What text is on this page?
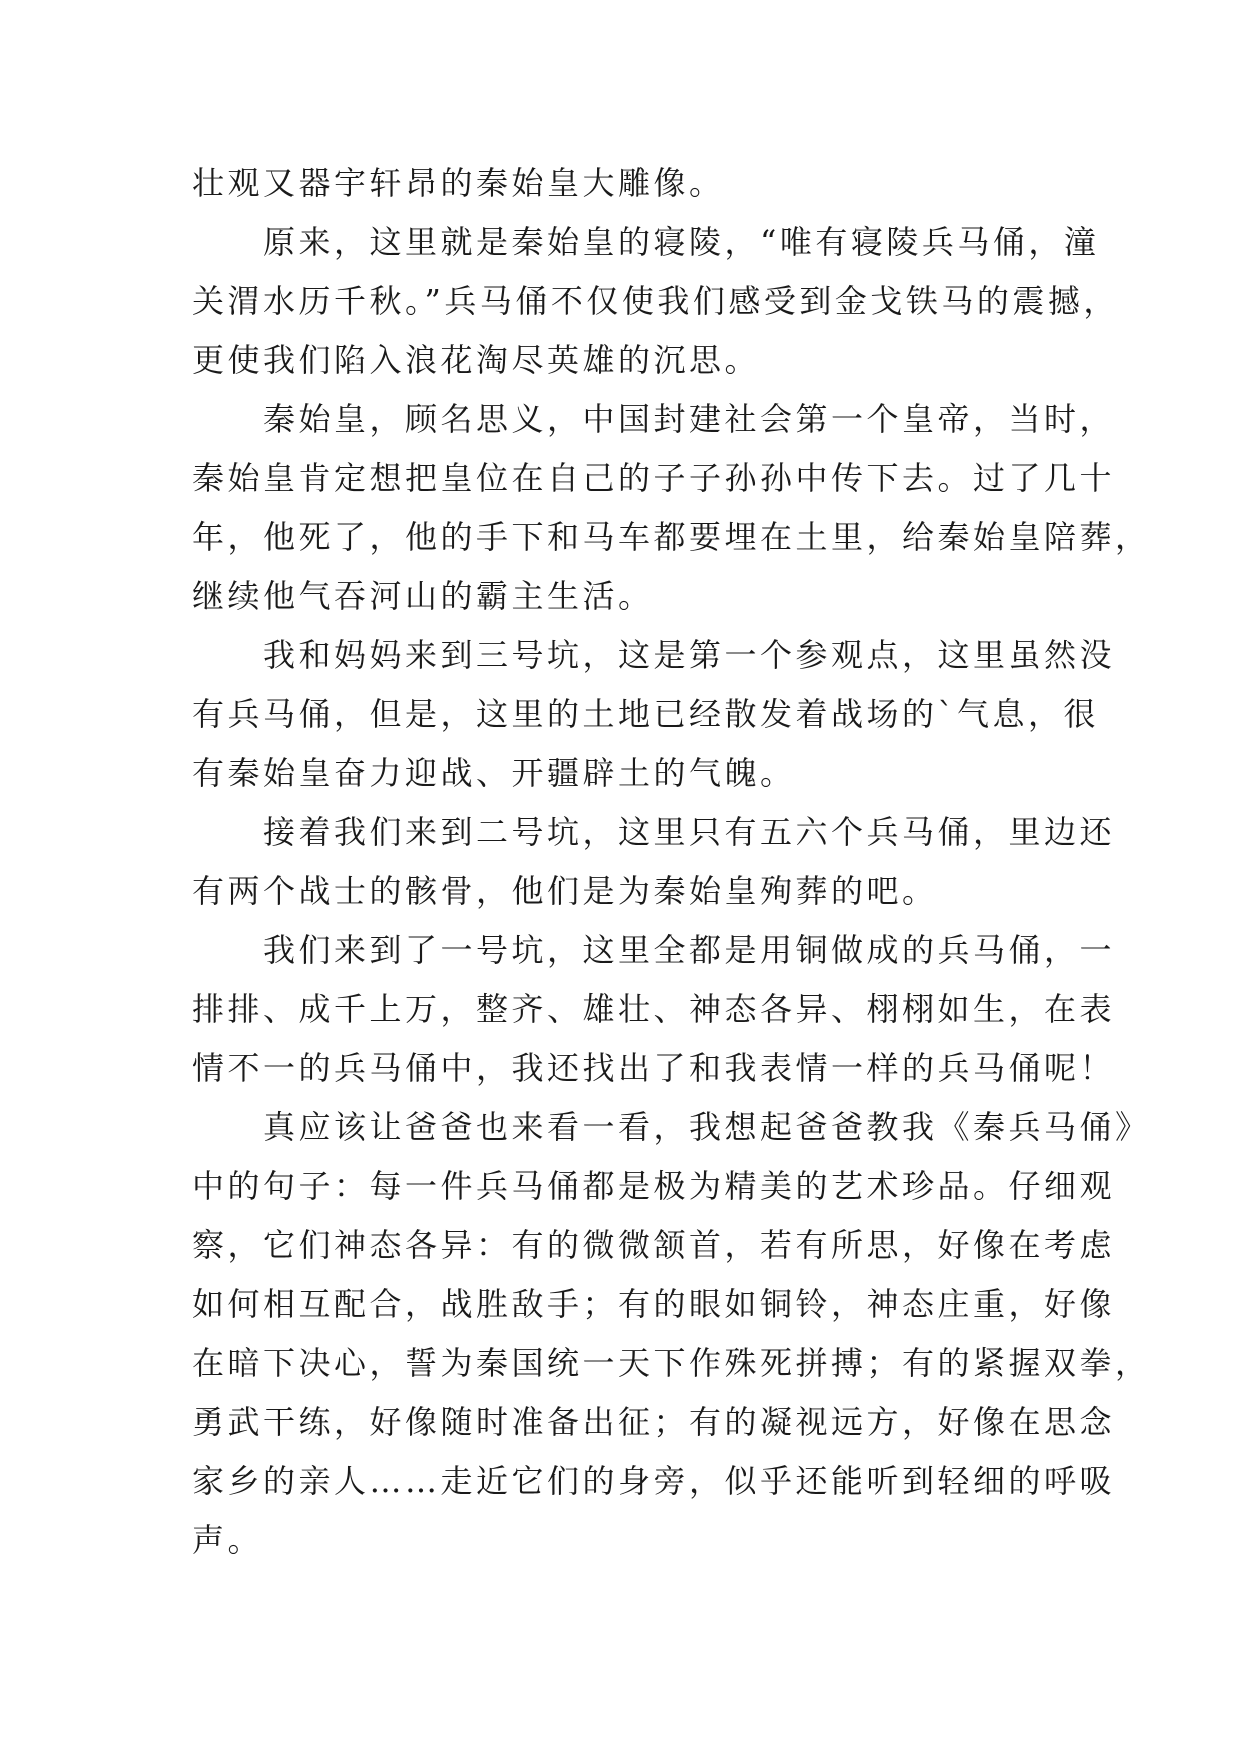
壮观又器宇轩昂的秦始皇大雕像。
　　原来，这里就是秦始皇的寝陵，“唯有寝陵兵马俑，潼
关渭水历千秋。”兵马俑不仅使我们感受到金戈铁马的震撼，
更使我们陷入浪花淘尽英雄的沉思。
　　秦始皇，顾名思义，中国封建社会第一个皇帝，当时，
秦始皇肯定想把皇位在自己的子子孙孙中传下去。过了几十
年，他死了，他的手下和马车都要埋在土里，给秦始皇陪葬，
继续他气吞河山的霸主生活。
　　我和妈妈来到三号坑，这是第一个参观点，这里虽然没
有兵马俑，但是，这里的土地已经散发着战场的`气息，很
有秦始皇奋力迎战、开疆辟土的气魄。
　　接着我们来到二号坑，这里只有五六个兵马俑，里边还
有两个战士的骸骨，他们是为秦始皇殉葬的吧。
　　我们来到了一号坑，这里全都是用铜做成的兵马俑，一
排排、成千上万，整齐、雄壮、神态各异、栩栩如生，在表
情不一的兵马俑中，我还找出了和我表情一样的兵马俑呢！
　　真应该让爸爸也来看一看，我想起爸爸教我《秦兵马俑》
中的句子：每一件兵马俑都是极为精美的艺术珍品。仔细观
察，它们神态各异：有的微微颔首，若有所思，好像在考虑
如何相互配合，战胜敌手；有的眼如铜铃，神态庄重，好像
在暗下决心，誓为秦国统一天下作殊死拼搏；有的紧握双拳，
勇武干练，好像随时准备出征；有的凝视远方，好像在思念
家乡的亲人……走近它们的身旁，似乎还能听到轻细的呼吸
声。
